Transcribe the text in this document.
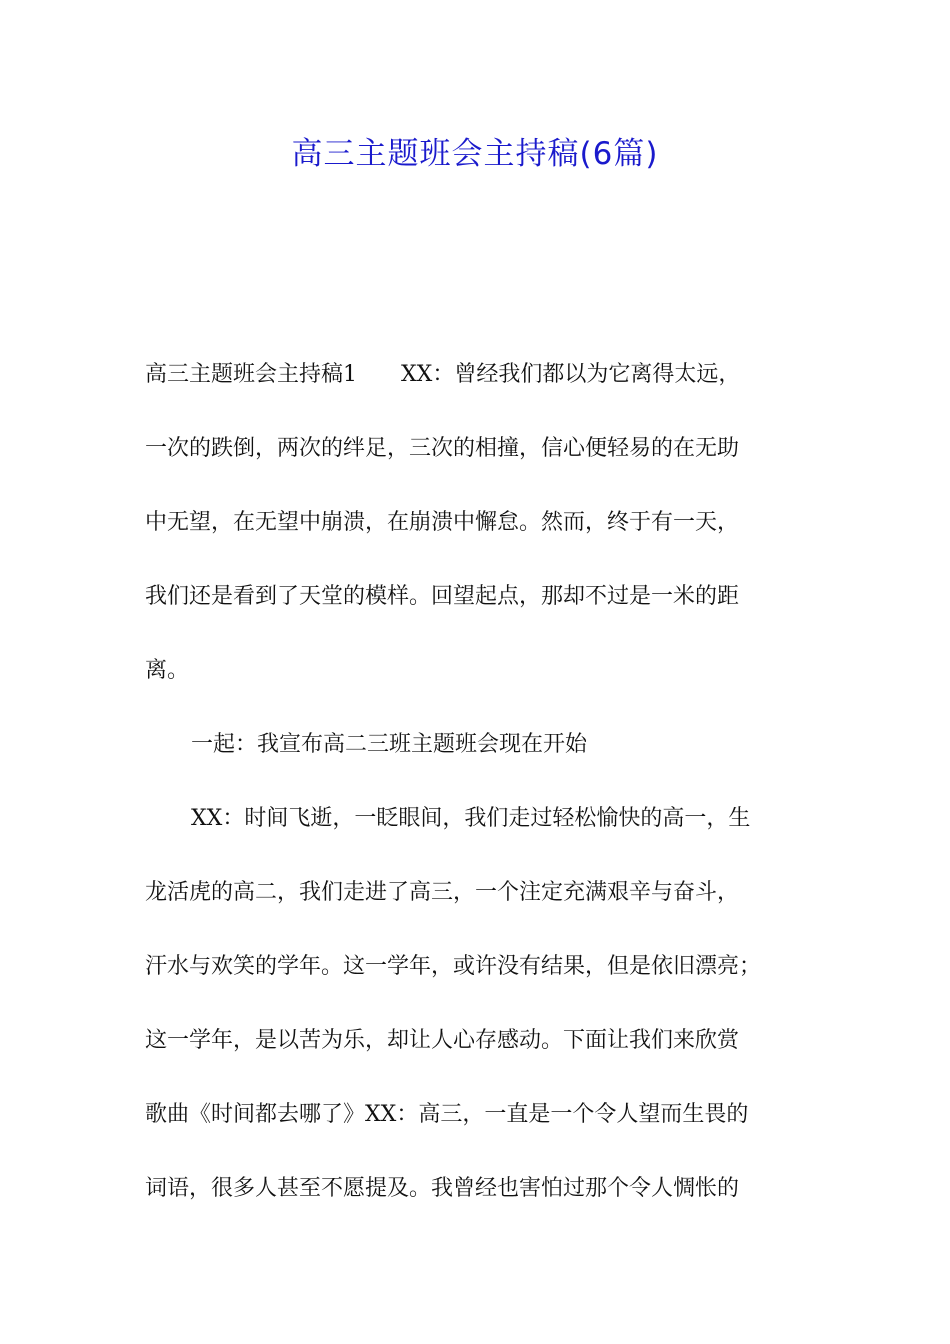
高三主题班会主持稿(6篇)
高三主题班会主持稿1　　XX：曾经我们都以为它离得太远，
一次的跌倒，两次的绊足，三次的相撞，信心便轻易的在无助
中无望，在无望中崩溃，在崩溃中懈怠。然而，终于有一天，
我们还是看到了天堂的模样。回望起点，那却不过是一米的距
离。
一起：我宣布高二三班主题班会现在开始
XX：时间飞逝，一眨眼间，我们走过轻松愉快的高一，生
龙活虎的高二，我们走进了高三，一个注定充满艰辛与奋斗，
汗水与欢笑的学年。这一学年，或许没有结果，但是依旧漂亮；
这一学年，是以苦为乐，却让人心存感动。下面让我们来欣赏
歌曲《时间都去哪了》XX：高三，一直是一个令人望而生畏的
词语，很多人甚至不愿提及。我曾经也害怕过那个令人惆怅的
